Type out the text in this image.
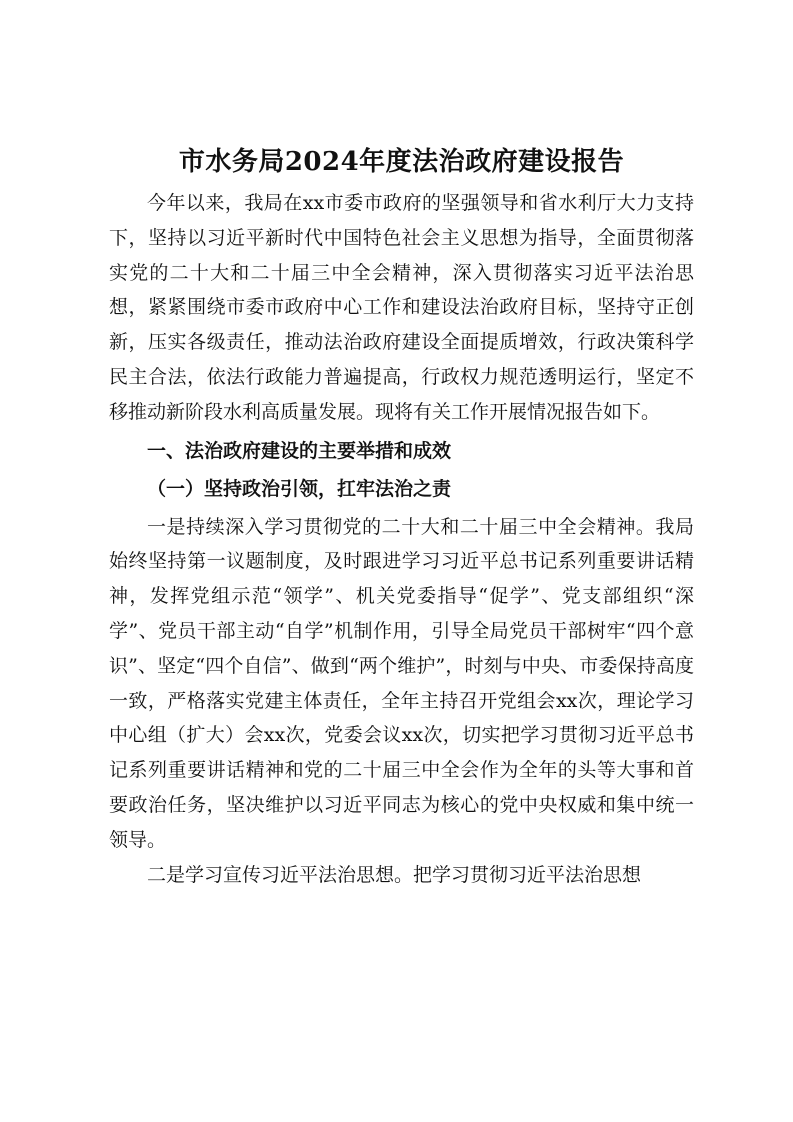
市水务局2024年度法治政府建设报告

今年以来，我局在xx市委市政府的坚强领导和省水利厅大力支持下，坚持以习近平新时代中国特色社会主义思想为指导，全面贯彻落实党的二十大和二十届三中全会精神，深入贯彻落实习近平法治思想，紧紧围绕市委市政府中心工作和建设法治政府目标，坚持守正创新，压实各级责任，推动法治政府建设全面提质增效，行政决策科学民主合法，依法行政能力普遍提高，行政权力规范透明运行，坚定不移推动新阶段水利高质量发展。现将有关工作开展情况报告如下。

一、法治政府建设的主要举措和成效
（一）坚持政治引领，扛牢法治之责

一是持续深入学习贯彻党的二十大和二十届三中全会精神。我局始终坚持第一议题制度，及时跟进学习习近平总书记系列重要讲话精神，发挥党组示范“领学”、机关党委指导“促学”、党支部组织“深学”、党员干部主动“自学”机制作用，引导全局党员干部树牢“四个意识”、坚定“四个自信”、做到“两个维护”，时刻与中央、市委保持高度一致，严格落实党建主体责任，全年主持召开党组会xx次，理论学习中心组（扩大）会xx次，党委会议xx次，切实把学习贯彻习近平总书记系列重要讲话精神和党的二十届三中全会作为全年的头等大事和首要政治任务，坚决维护以习近平同志为核心的党中央权威和集中统一领导。

二是学习宣传习近平法治思想。把学习贯彻习近平法治思想
